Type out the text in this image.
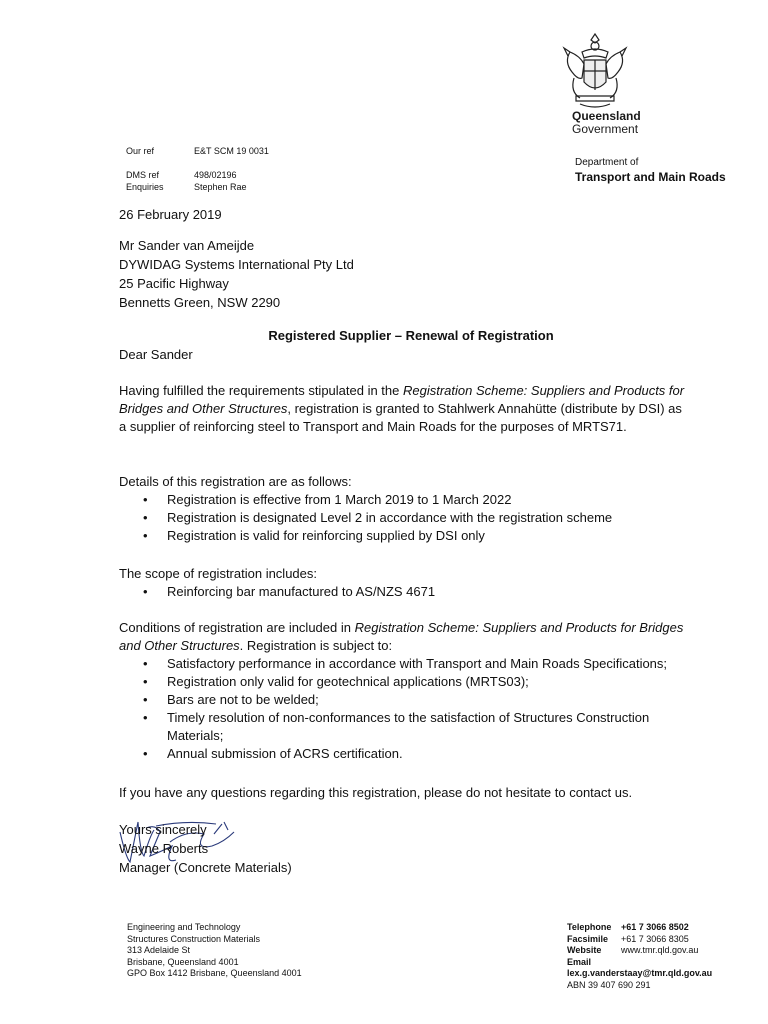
Queensland
Government
Department of
Transport and Main Roads
Our ref	E&T SCM 19 0031
DMS ref	498/02196
Enquiries	Stephen Rae
26 February 2019
Mr Sander van Ameijde
DYWIDAG Systems International Pty Ltd
25 Pacific Highway
Bennetts Green, NSW 2290
Registered Supplier – Renewal of Registration
Dear Sander
Having fulfilled the requirements stipulated in the Registration Scheme: Suppliers and Products for Bridges and Other Structures, registration is granted to Stahlwerk Annahütte (distribute by DSI) as a supplier of reinforcing steel to Transport and Main Roads for the purposes of MRTS71.
Details of this registration are as follows:
• Registration is effective from 1 March 2019 to 1 March 2022
• Registration is designated Level 2 in accordance with the registration scheme
• Registration is valid for reinforcing supplied by DSI only
The scope of registration includes:
• Reinforcing bar manufactured to AS/NZS 4671
Conditions of registration are included in Registration Scheme: Suppliers and Products for Bridges and Other Structures. Registration is subject to:
• Satisfactory performance in accordance with Transport and Main Roads Specifications;
• Registration only valid for geotechnical applications (MRTS03);
• Bars are not to be welded;
• Timely resolution of non-conformances to the satisfaction of Structures Construction Materials;
• Annual submission of ACRS certification.
If you have any questions regarding this registration, please do not hesitate to contact us.
Yours sincerely
Wayne Roberts
Manager (Concrete Materials)
Engineering and Technology
Structures Construction Materials
313 Adelaide St
Brisbane, Queensland 4001
GPO Box 1412 Brisbane, Queensland 4001
Telephone +61 7 3066 8502
Facsimile +61 7 3066 8305
Website www.tmr.qld.gov.au
Email
lex.g.vanderstaay@tmr.qld.gov.au
ABN 39 407 690 291
